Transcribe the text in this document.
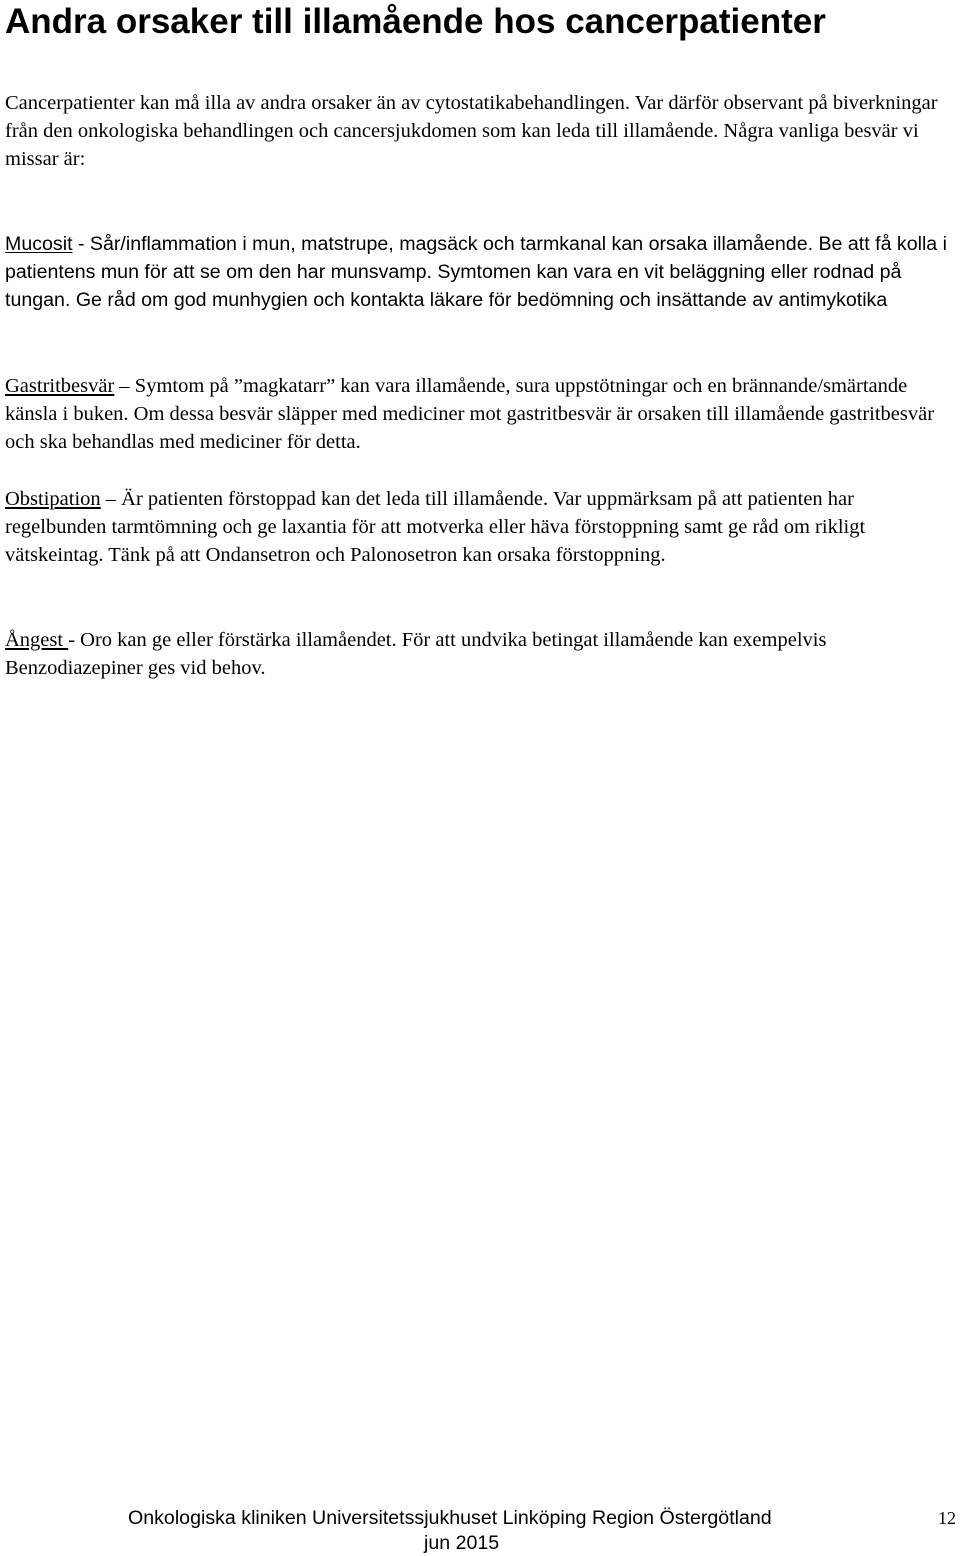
Andra orsaker till illamående hos cancerpatienter

Cancerpatienter kan må illa av andra orsaker än av cytostatikabehandlingen. Var därför observant på biverkningar från den onkologiska behandlingen och cancersjukdomen som kan leda till illamående. Några vanliga besvär vi missar är:

Mucosit - Sår/inflammation i mun, matstrupe, magsäck och tarmkanal kan orsaka illamående. Be att få kolla i patientens mun för att se om den har munsvamp. Symtomen kan vara en vit beläggning eller rodnad på tungan. Ge råd om god munhygien och kontakta läkare för bedömning och insättande av antimykotika

Gastritbesvär – Symtom på ”magkatarr” kan vara illamående, sura uppstötningar och en brännande/smärtande känsla i buken. Om dessa besvär släpper med mediciner mot gastritbesvär är orsaken till illamående gastritbesvär och ska behandlas med mediciner för detta.

Obstipation – Är patienten förstoppad kan det leda till illamående. Var uppmärksam på att patienten har regelbunden tarmtömning och ge laxantia för att motverka eller häva förstoppning samt ge råd om rikligt vätskeintag. Tänk på att Ondansetron och Palonosetron kan orsaka förstoppning.

Ångest - Oro kan ge eller förstärka illamåendet. För att undvika betingat illamående kan exempelvis Benzodiazepiner ges vid behov.

Onkologiska kliniken Universitetssjukhuset Linköping Region Östergötland
jun 2015
12
